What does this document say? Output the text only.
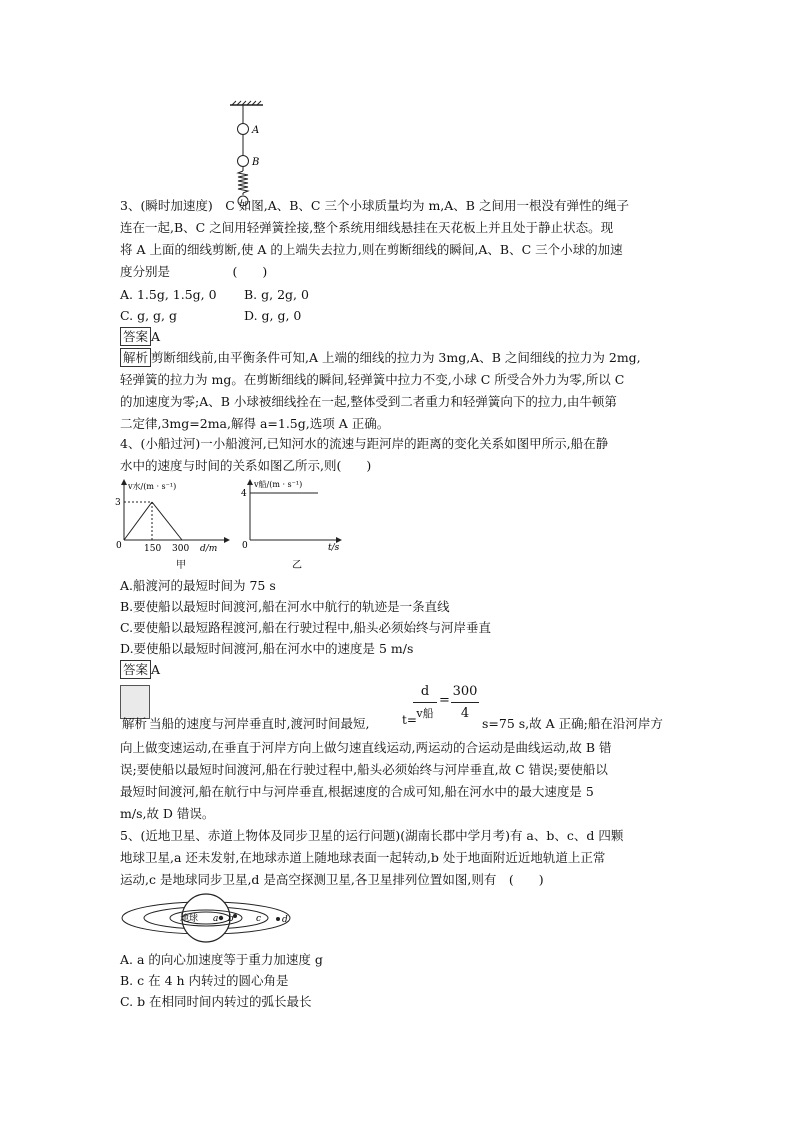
A
B
3、(瞬时加速度)　C 如图,A、B、C 三个小球质量均为 m,A、B 之间用一根没有弹性的绳子
连在一起,B、C 之间用轻弹簧拴接,整个系统用细线悬挂在天花板上并且处于静止状态。现
将 A 上面的细线剪断,使 A 的上端失去拉力,则在剪断细线的瞬间,A、B、C 三个小球的加速
度分别是　　　　　(　　)
A. 1.5g, 1.5g, 0 B. g, 2g, 0
C. g, g, g	D. g, g, 0
答案 A
解析 剪断细线前,由平衡条件可知,A 上端的细线的拉力为 3mg,A、B 之间细线的拉力为 2mg,
轻弹簧的拉力为 mg。在剪断细线的瞬间,轻弹簧中拉力不变,小球 C 所受合外力为零,所以 C
的加速度为零;A、B 小球被细线拴在一起,整体受到二者重力和轻弹簧向下的拉力,由牛顿第
二定律,3mg=2ma,解得 a=1.5g,选项 A 正确。
4、(小船过河)一小船渡河,已知河水的流速与距河岸的距离的变化关系如图甲所示,船在静
水中的速度与时间的关系如图乙所示,则(　　)
v水/(m · s⁻¹)
3
0 150 300 d/m
甲
v船/(m · s⁻¹)
4
0	t/s
乙
A.船渡河的最短时间为 75 s
B.要使船以最短时间渡河,船在河水中航行的轨迹是一条直线
C.要使船以最短路程渡河,船在行驶过程中,船头必须始终与河岸垂直
D.要使船以最短时间渡河,船在河水中的速度是 5 m/s
答案 A
解析 当船的速度与河岸垂直时,渡河时间最短,	t=
d
v船
=
300
4
s=75 s,故 A 正确;船在沿河岸方
向上做变速运动,在垂直于河岸方向上做匀速直线运动,两运动的合运动是曲线运动,故 B 错
误;要使船以最短时间渡河,船在行驶过程中,船头必须始终与河岸垂直,故 C 错误;要使船以
最短时间渡河,船在航行中与河岸垂直,根据速度的合成可知,船在河水中的最大速度是 5
m/s,故 D 错误。
5、(近地卫星、赤道上物体及同步卫星的运行问题)(湖南长郡中学月考)有 a、b、c、d 四颗
地球卫星,a 还未发射,在地球赤道上随地球表面一起转动,b 处于地面附近近地轨道上正常
运动,c 是地球同步卫星,d 是高空探测卫星,各卫星排列位置如图,则有　(　　)
地球 a b c d
A. a 的向心加速度等于重力加速度 g
B. c 在 4 h 内转过的圆心角是
C. b 在相同时间内转过的弧长最长
